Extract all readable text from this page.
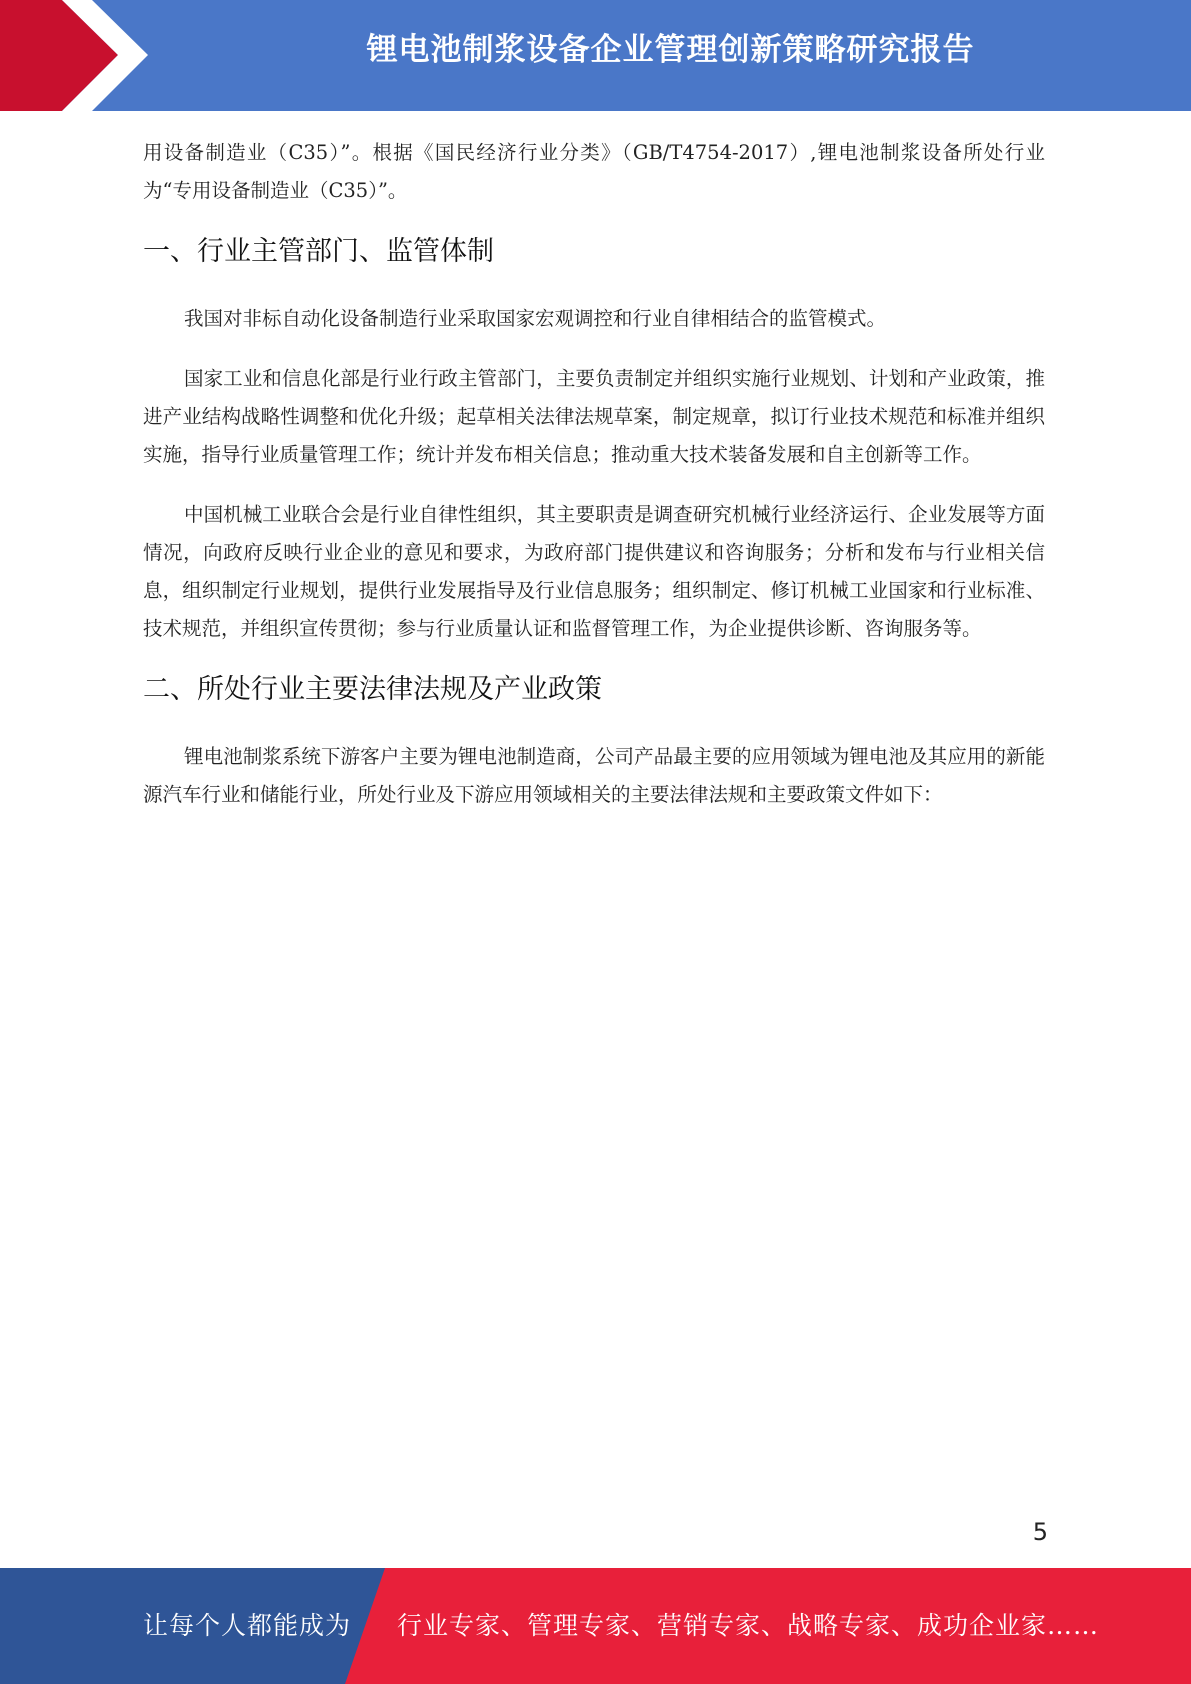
锂电池制浆设备企业管理创新策略研究报告

用设备制造业（C35）”。根据《国民经济行业分类》（GB/T4754-2017）,锂电池制浆设备所处行业为“专用设备制造业（C35）”。

一、行业主管部门、监管体制

我国对非标自动化设备制造行业采取国家宏观调控和行业自律相结合的监管模式。

国家工业和信息化部是行业行政主管部门，主要负责制定并组织实施行业规划、计划和产业政策，推进产业结构战略性调整和优化升级；起草相关法律法规草案，制定规章，拟订行业技术规范和标准并组织实施，指导行业质量管理工作；统计并发布相关信息；推动重大技术装备发展和自主创新等工作。

中国机械工业联合会是行业自律性组织，其主要职责是调查研究机械行业经济运行、企业发展等方面情况，向政府反映行业企业的意见和要求，为政府部门提供建议和咨询服务；分析和发布与行业相关信息，组织制定行业规划，提供行业发展指导及行业信息服务；组织制定、修订机械工业国家和行业标准、技术规范，并组织宣传贯彻；参与行业质量认证和监督管理工作，为企业提供诊断、咨询服务等。

二、所处行业主要法律法规及产业政策

锂电池制浆系统下游客户主要为锂电池制造商，公司产品最主要的应用领域为锂电池及其应用的新能源汽车行业和储能行业，所处行业及下游应用领域相关的主要法律法规和主要政策文件如下：

5
让每个人都能成为 行业专家、管理专家、营销专家、战略专家、成功企业家……
